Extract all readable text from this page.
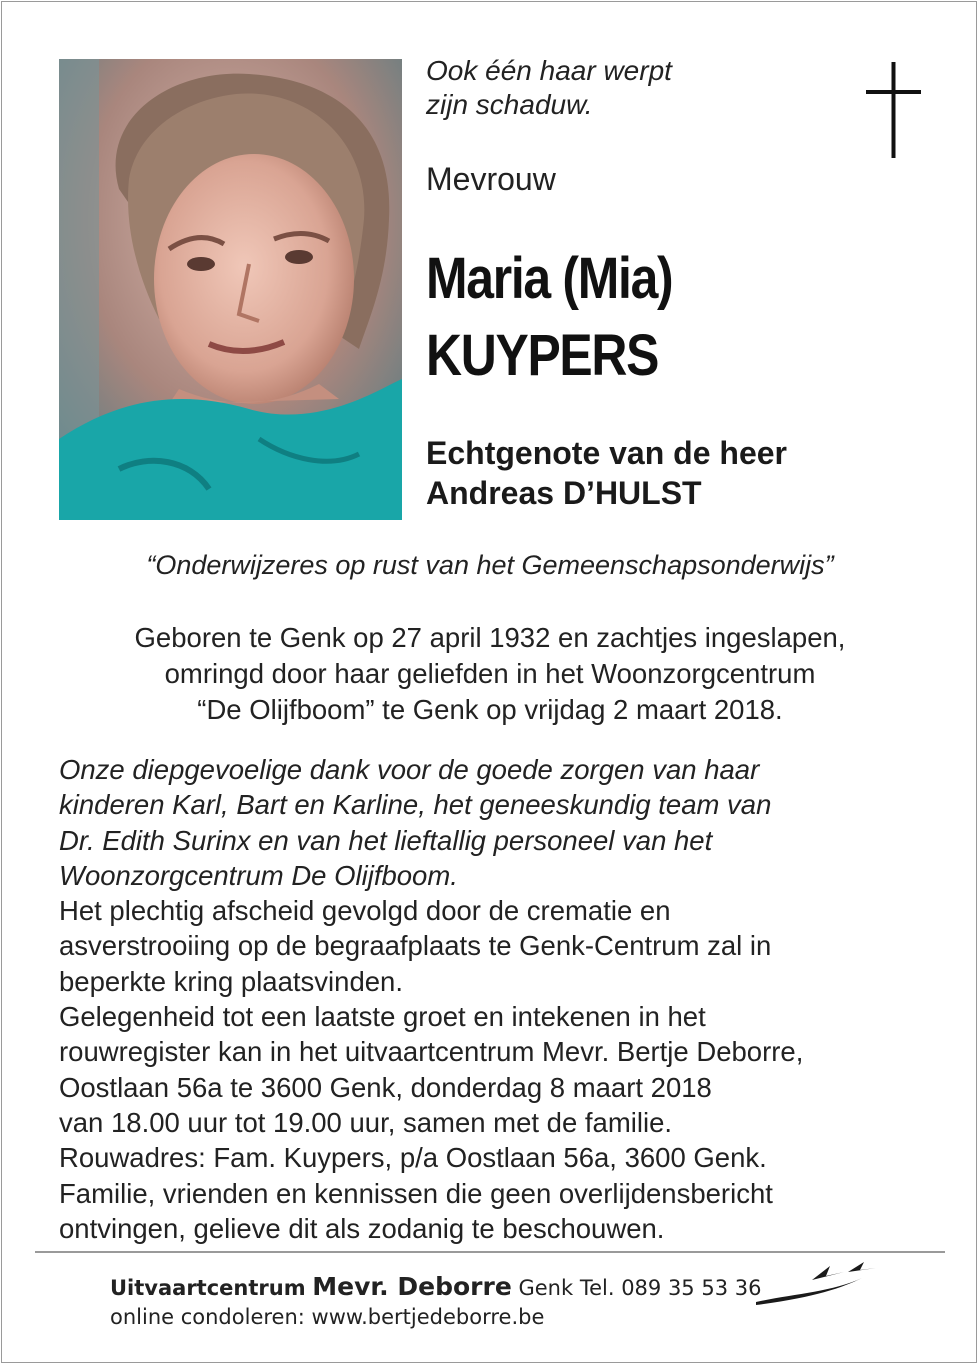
Ook één haar werpt
zijn schaduw.
Mevrouw
Maria (Mia)
KUYPERS
Echtgenote van de heer
Andreas D’HULST
“Onderwijzeres op rust van het Gemeenschapsonderwijs”
Geboren te Genk op 27 april 1932 en zachtjes ingeslapen,
omringd door haar geliefden in het Woonzorgcentrum
“De Olijfboom” te Genk op vrijdag 2 maart 2018.
Onze diepgevoelige dank voor de goede zorgen van haar
kinderen Karl, Bart en Karline, het geneeskundig team van
Dr. Edith Surinx en van het lieftallig personeel van het
Woonzorgcentrum De Olijfboom.
Het plechtig afscheid gevolgd door de crematie en
asverstrooiing op de begraafplaats te Genk-Centrum zal in
beperkte kring plaatsvinden.
Gelegenheid tot een laatste groet en intekenen in het
rouwregister kan in het uitvaartcentrum Mevr. Bertje Deborre,
Oostlaan 56a te 3600 Genk, donderdag 8 maart 2018
van 18.00 uur tot 19.00 uur, samen met de familie.
Rouwadres: Fam. Kuypers, p/a Oostlaan 56a, 3600 Genk.
Familie, vrienden en kennissen die geen overlijdensbericht
ontvingen, gelieve dit als zodanig te beschouwen.
Uitvaartcentrum Mevr. Deborre Genk Tel. 089 35 53 36
online condoleren: www.bertjedeborre.be
